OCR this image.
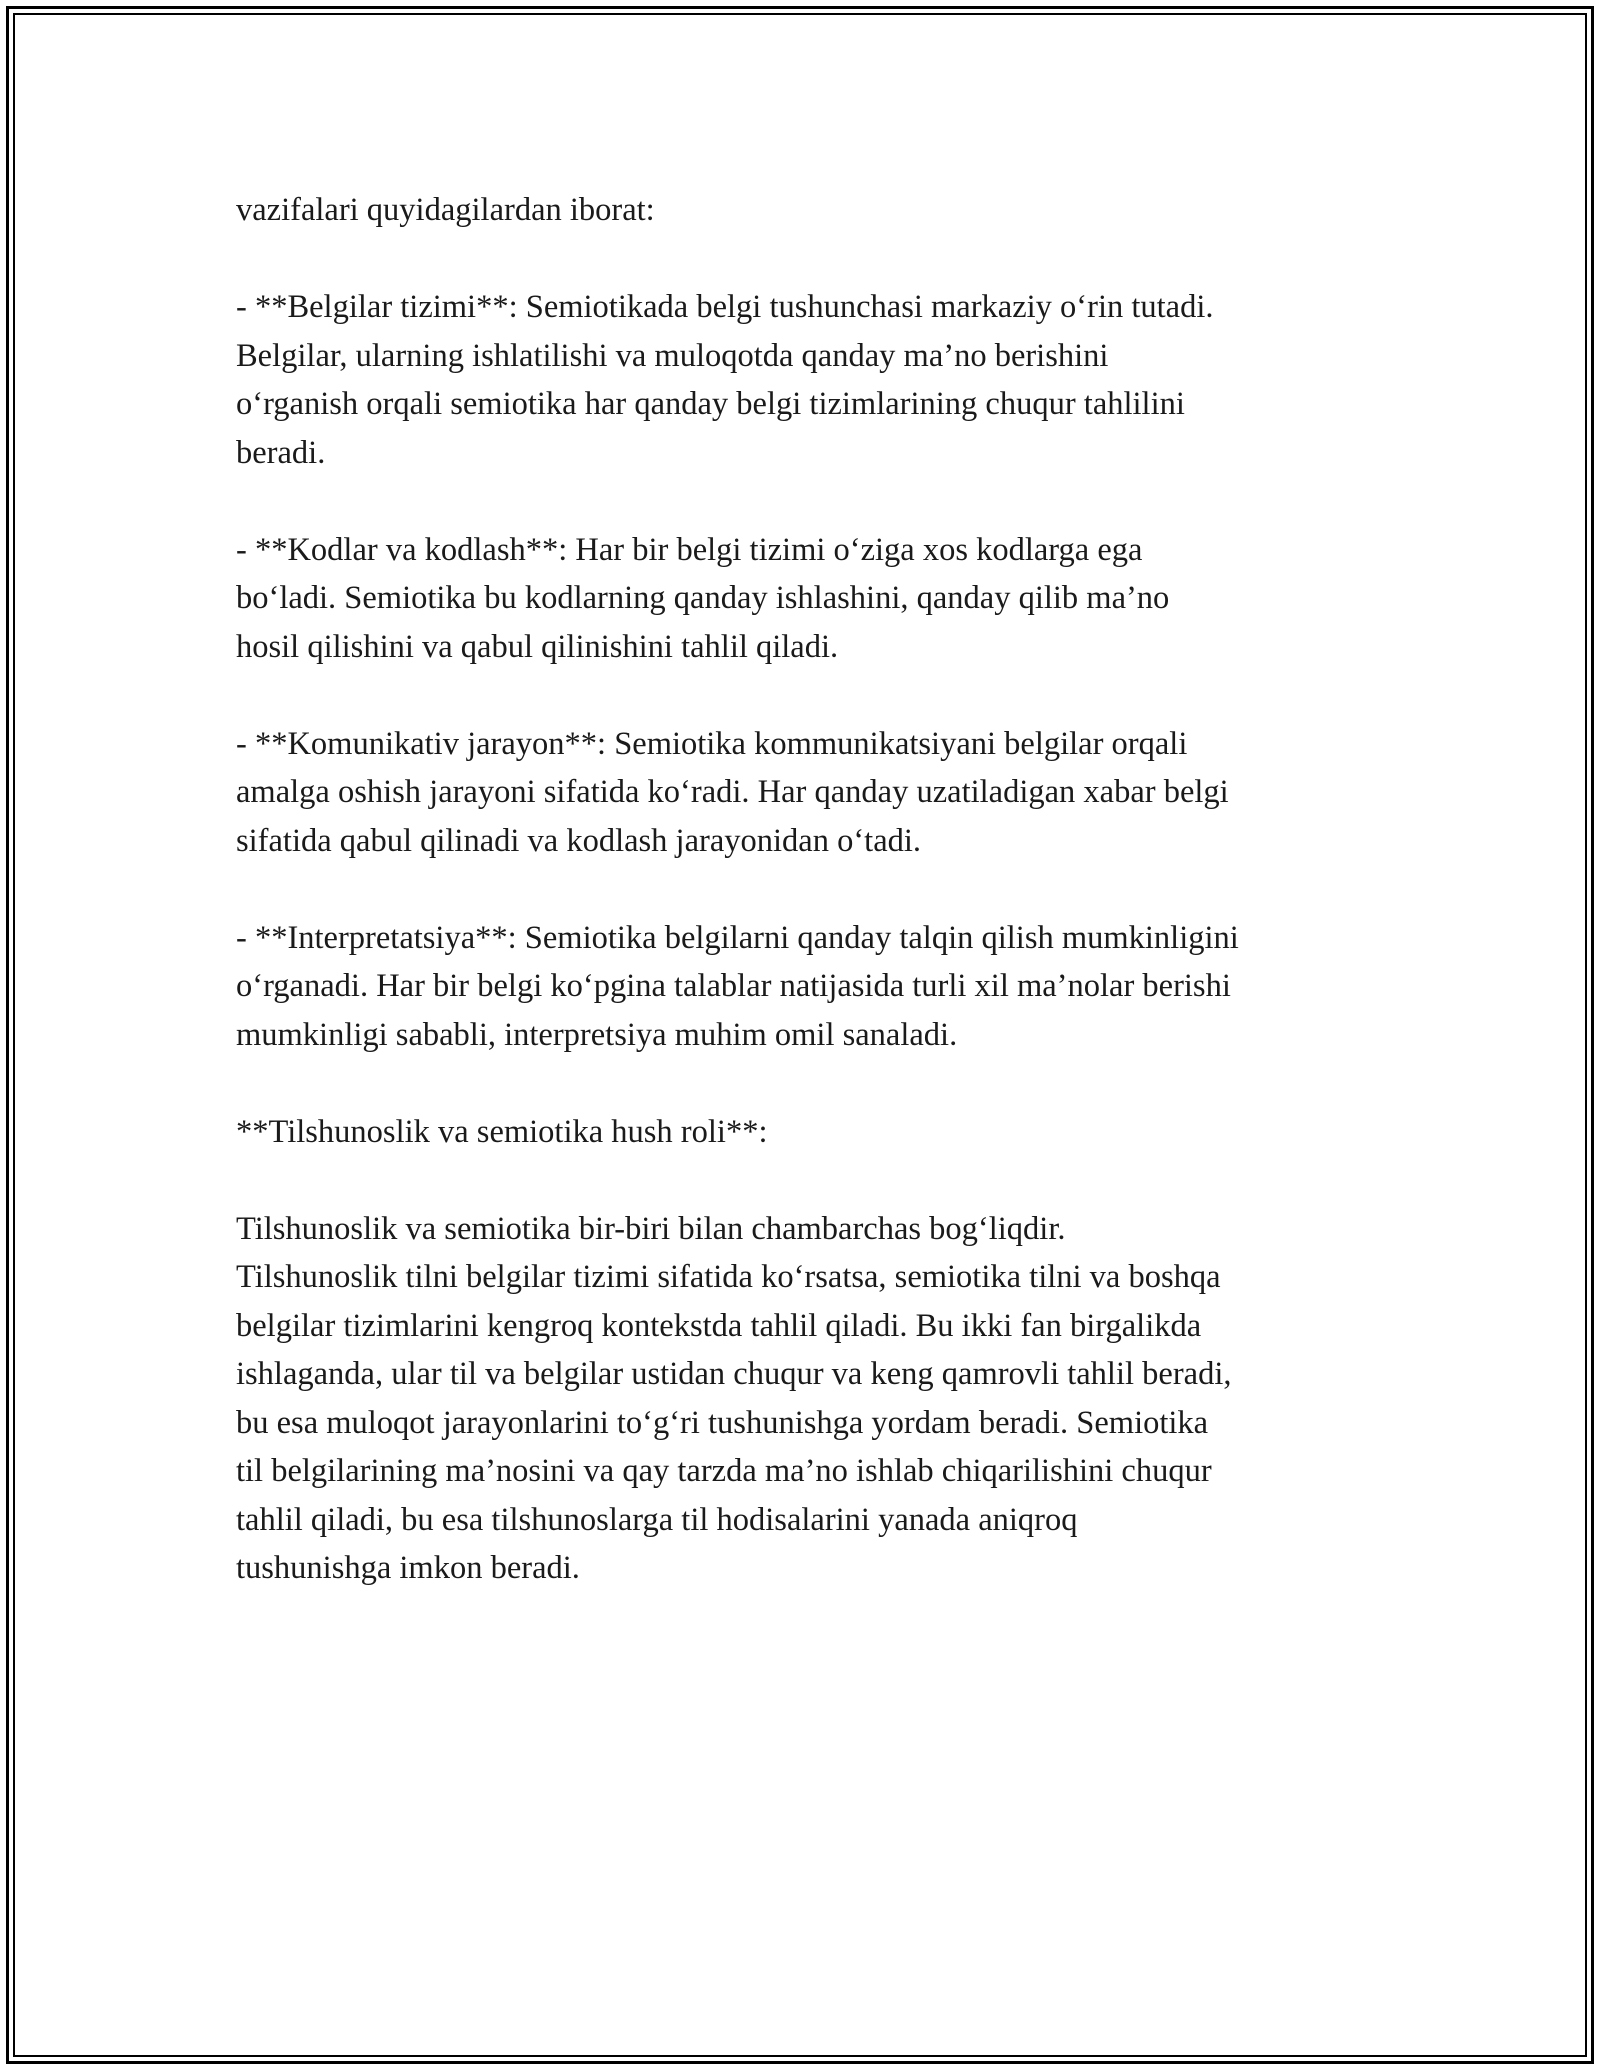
vazifalari quyidagilardan iborat:
- **Belgilar tizimi**: Semiotikada belgi tushunchasi markaziy o‘rin tutadi.
Belgilar, ularning ishlatilishi va muloqotda qanday ma’no berishini
o‘rganish orqali semiotika har qanday belgi tizimlarining chuqur tahlilini
beradi.
- **Kodlar va kodlash**: Har bir belgi tizimi o‘ziga xos kodlarga ega
bo‘ladi. Semiotika bu kodlarning qanday ishlashini, qanday qilib ma’no
hosil qilishini va qabul qilinishini tahlil qiladi.
- **Komunikativ jarayon**: Semiotika kommunikatsiyani belgilar orqali
amalga oshish jarayoni sifatida ko‘radi. Har qanday uzatiladigan xabar belgi
sifatida qabul qilinadi va kodlash jarayonidan o‘tadi.
- **Interpretatsiya**: Semiotika belgilarni qanday talqin qilish mumkinligini
o‘rganadi. Har bir belgi ko‘pgina talablar natijasida turli xil ma’nolar berishi
mumkinligi sababli, interpretsiya muhim omil sanaladi.
**Tilshunoslik va semiotika hush roli**:
Tilshunoslik va semiotika bir-biri bilan chambarchas bog‘liqdir.
Tilshunoslik tilni belgilar tizimi sifatida ko‘rsatsa, semiotika tilni va boshqa
belgilar tizimlarini kengroq kontekstda tahlil qiladi. Bu ikki fan birgalikda
ishlaganda, ular til va belgilar ustidan chuqur va keng qamrovli tahlil beradi,
bu esa muloqot jarayonlarini to‘g‘ri tushunishga yordam beradi. Semiotika
til belgilarining ma’nosini va qay tarzda ma’no ishlab chiqarilishini chuqur
tahlil qiladi, bu esa tilshunoslarga til hodisalarini yanada aniqroq
tushunishga imkon beradi.
